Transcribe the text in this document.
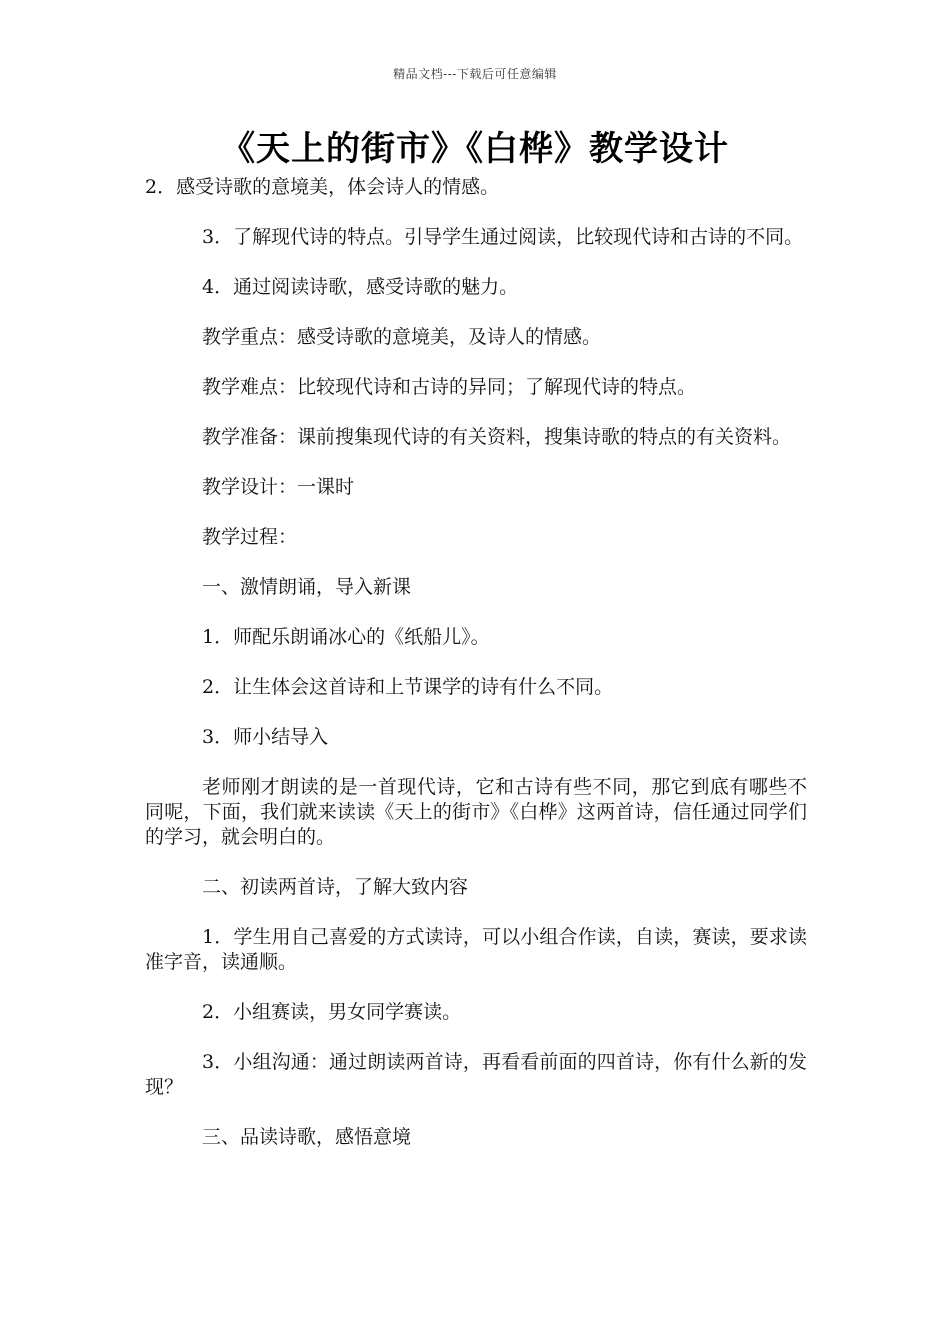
精品文档---下载后可任意编辑
《天上的街市》《白桦》教学设计

2．感受诗歌的意境美，体会诗人的情感。

3．了解现代诗的特点。引导学生通过阅读，比较现代诗和古诗的不同。

4．通过阅读诗歌，感受诗歌的魅力。

教学重点：感受诗歌的意境美，及诗人的情感。

教学难点：比较现代诗和古诗的异同；了解现代诗的特点。

教学准备：课前搜集现代诗的有关资料，搜集诗歌的特点的有关资料。

教学设计：一课时

教学过程：

一、激情朗诵，导入新课

1．师配乐朗诵冰心的《纸船儿》。

2．让生体会这首诗和上节课学的诗有什么不同。

3．师小结导入

老师刚才朗读的是一首现代诗，它和古诗有些不同，那它到底有哪些不同呢，下面，我们就来读读《天上的街市》《白桦》这两首诗，信任通过同学们的学习，就会明白的。

二、初读两首诗，了解大致内容

1．学生用自己喜爱的方式读诗，可以小组合作读，自读，赛读，要求读准字音，读通顺。

2．小组赛读，男女同学赛读。

3．小组沟通：通过朗读两首诗，再看看前面的四首诗，你有什么新的发现？

三、品读诗歌，感悟意境
